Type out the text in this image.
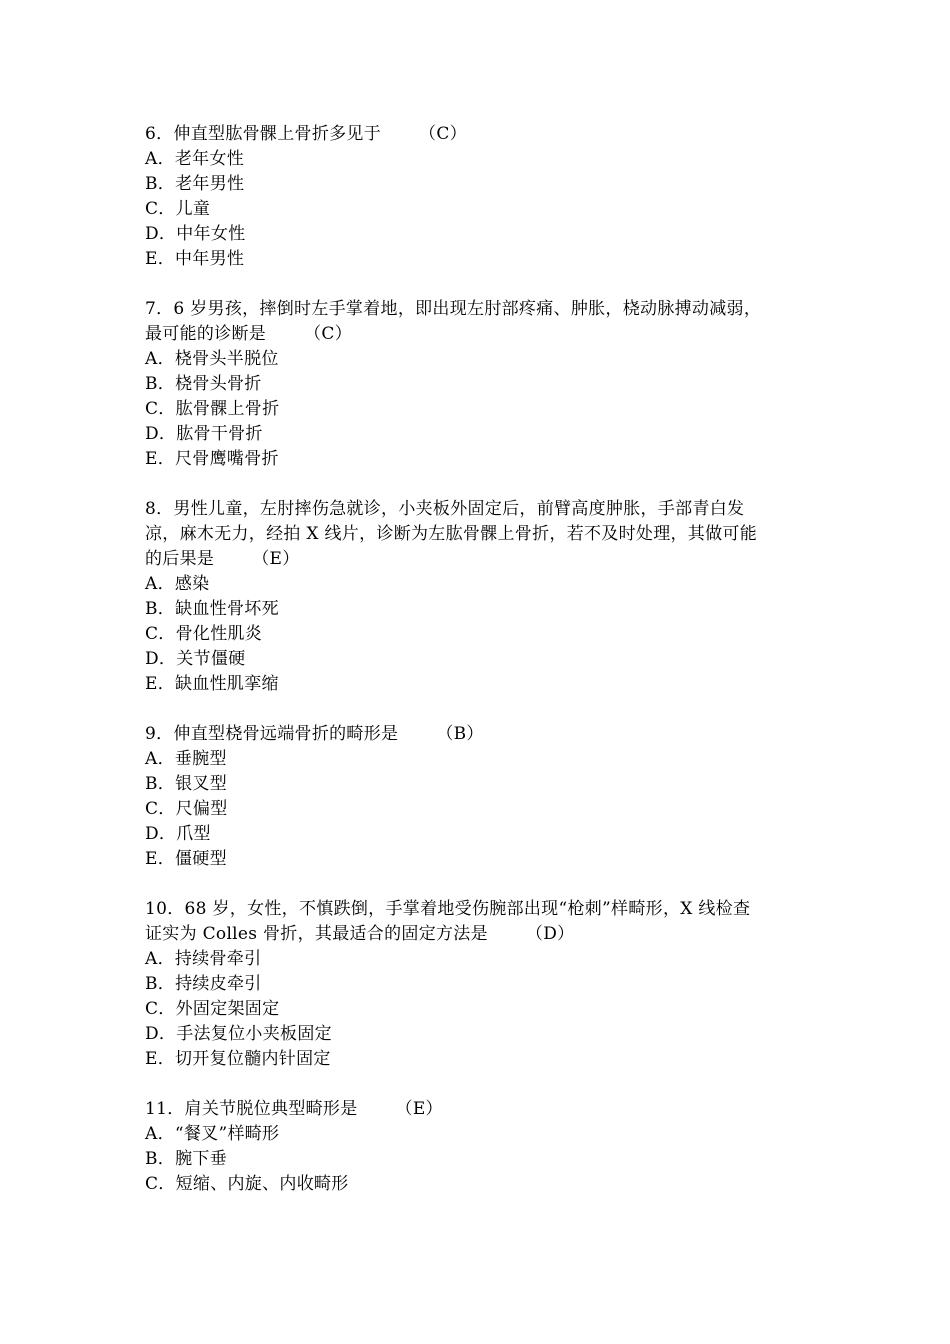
6．伸直型肱骨髁上骨折多见于 （C）
A．老年女性
B．老年男性
C．儿童
D．中年女性
E．中年男性
7．6 岁男孩，摔倒时左手掌着地，即出现左肘部疼痛、肿胀，桡动脉搏动减弱，
最可能的诊断是 （C）
A．桡骨头半脱位
B．桡骨头骨折
C．肱骨髁上骨折
D．肱骨干骨折
E．尺骨鹰嘴骨折
8．男性儿童，左肘摔伤急就诊，小夹板外固定后，前臂高度肿胀，手部青白发
凉，麻木无力，经拍 X 线片，诊断为左肱骨髁上骨折，若不及时处理，其做可能
的后果是 （E）
A．感染
B．缺血性骨坏死
C．骨化性肌炎
D．关节僵硬
E．缺血性肌挛缩
9．伸直型桡骨远端骨折的畸形是 （B）
A．垂腕型
B．银叉型
C．尺偏型
D．爪型
E．僵硬型
10．68 岁，女性，不慎跌倒，手掌着地受伤腕部出现“枪刺”样畸形，X 线检查
证实为 Colles 骨折，其最适合的固定方法是 （D）
A．持续骨牵引
B．持续皮牵引
C．外固定架固定
D．手法复位小夹板固定
E．切开复位髓内针固定
11．肩关节脱位典型畸形是 （E）
A．“餐叉”样畸形
B．腕下垂
C．短缩、内旋、内收畸形
